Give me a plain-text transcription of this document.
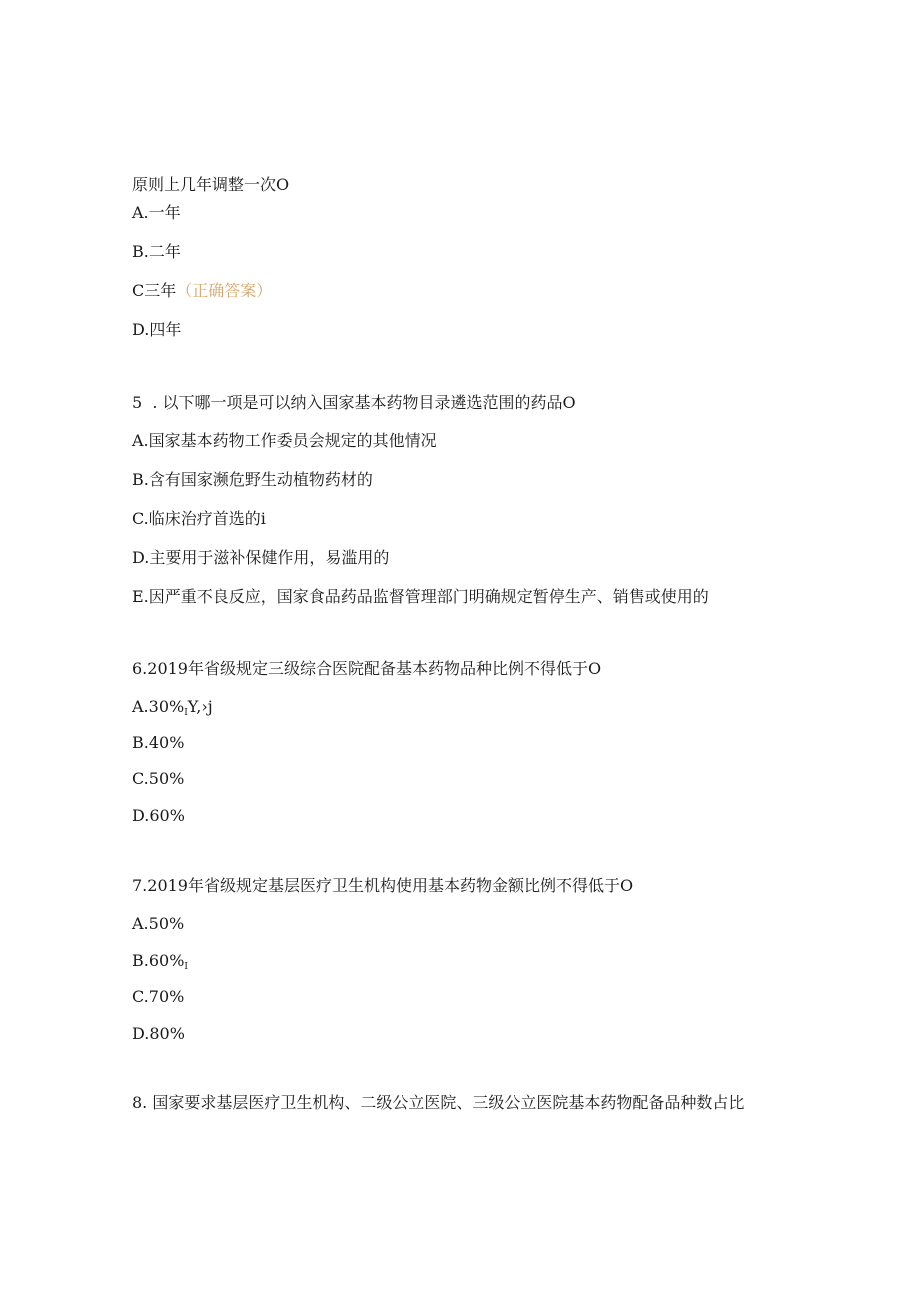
原则上几年调整一次O
A.一年
B.二年
C三年（正确答案）
D.四年
5  . 以下哪一项是可以纳入国家基本药物目录遴选范围的药品O
A.国家基本药物工作委员会规定的其他情况
B.含有国家濒危野生动植物药材的
C.临床治疗首选的i
D.主要用于滋补保健作用，易滥用的
E.因严重不良反应，国家食品药品监督管理部门明确规定暂停生产、销售或使用的
6.2019年省级规定三级综合医院配备基本药物品种比例不得低于O
$A.30\%_IY,›j$
B.40%
C.50%
D.60%
7.2019年省级规定基层医疗卫生机构使用基本药物金额比例不得低于O
A.50%
$B.60\%_I$
C.70%
D.80%
8. 国家要求基层医疗卫生机构、二级公立医院、三级公立医院基本药物配备品种数占比
